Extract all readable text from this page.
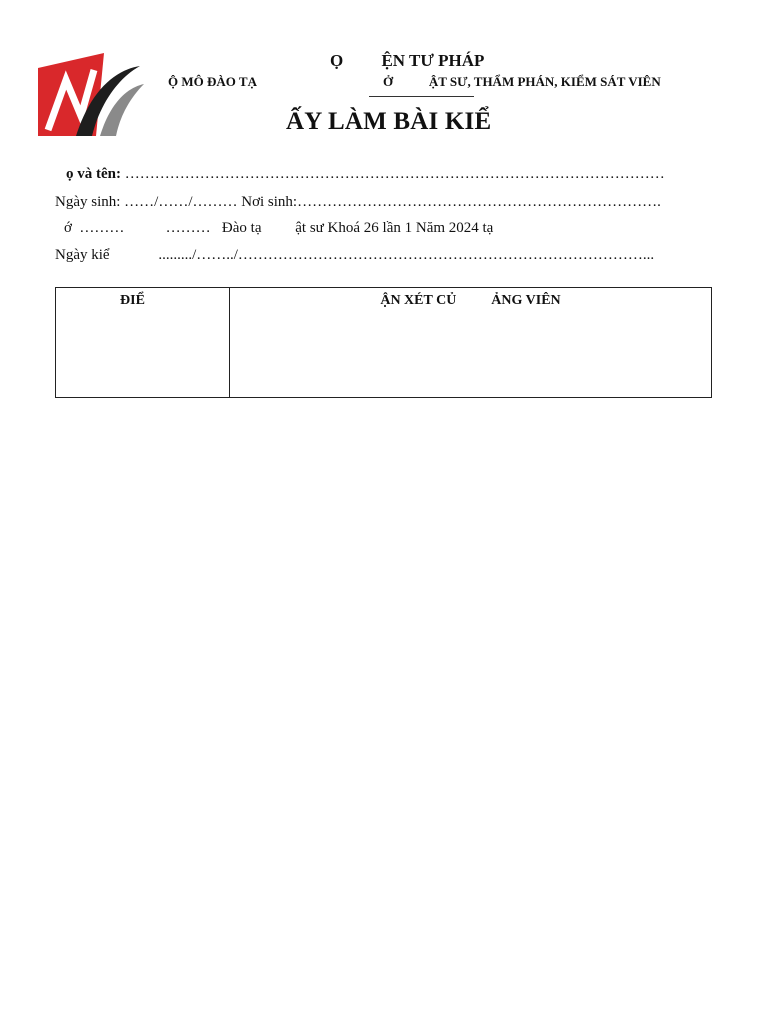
Ọ         ỆN TƯ PHÁP
Ộ MÔ ĐÀO TẠ	Ở           ẬT SƯ, THẨM PHÁN, KIỂM SÁT VIÊN
ẤY LÀM BÀI KIỂ
ọ và tên: ………………………………………………………………………………………………
Ngày sinh: ……/……/……… Nơi sinh:……………………………………………………………….
ớ  ………           ………   Đào tạ         ật sư Khoá 26 lần 1 Năm 2024 tạ
Ngày kiể             ........./……../………………………………………………………………………...
ĐIỂ	ẬN XÉT CỦ          ẢNG VIÊN
